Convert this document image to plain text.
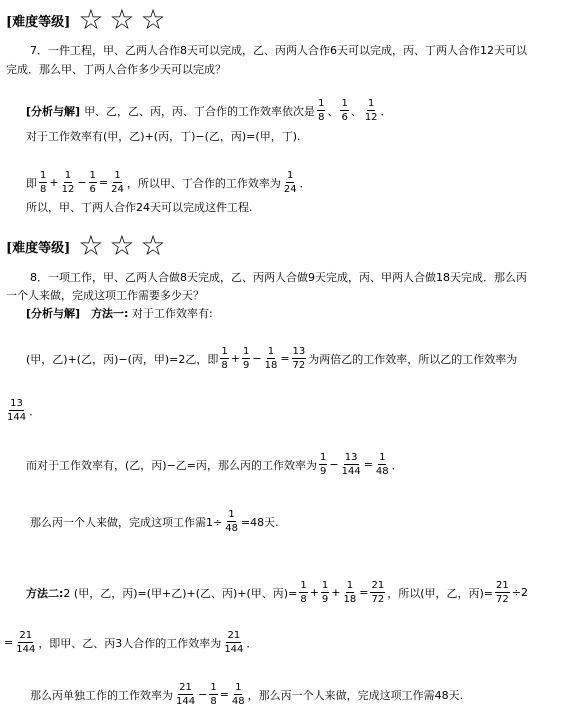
[难度等级] ☆ ☆ ☆
7．一件工程，甲、乙两人合作8天可以完成，乙、丙两人合作6天可以完成，丙、丁两人合作12天可以
完成．那么甲、丁两人合作多少天可以完成？
[分析与解] 甲、乙，乙、丙，丙、丁合作的工作效率依次是 $\frac{1}{8}$ 、 $\frac{1}{6}$ 、 $\frac{1}{12}$ ．
对于工作效率有(甲，乙)+(丙，丁)−(乙，丙)=(甲，丁).
即 $\frac{1}{8} + \frac{1}{12} - \frac{1}{6} = \frac{1}{24}$ ，所以甲、丁合作的工作效率为 $\frac{1}{24}$ ．
所以，甲、丁两人合作24天可以完成这件工程.
[难度等级] ☆ ☆ ☆
8．一项工作，甲、乙两人合做8天完成，乙、丙两人合做9天完成，丙、甲两人合做18天完成．那么丙
一个人来做，完成这项工作需要多少天？
[分析与解] 方法一: 对于工作效率有:
(甲，乙)+(乙，丙)−(丙，甲)=2乙，即 $\frac{1}{8} + \frac{1}{9} - \frac{1}{18} = \frac{13}{72}$ 为两倍乙的工作效率，所以乙的工作效率为
$\frac{13}{144}$ ．
而对于工作效率有，(乙，丙)−乙=丙，那么丙的工作效率为 $\frac{1}{9} - \frac{13}{144} = \frac{1}{48}$ ．
那么丙一个人来做，完成这项工作需$1\div \frac{1}{48} =48$天.
方法二: 2 (甲，乙，丙)=(甲+乙)+(乙、丙)+(甲、丙)= $\frac{1}{8} + \frac{1}{9} + \frac{1}{18} = \frac{21}{72}$ ，所以(甲，乙，丙)= $\frac{21}{72} \div 2$
= $\frac{21}{144}$ ，即甲、乙、丙3人合作的工作效率为 $\frac{21}{144}$ ．
那么丙单独工作的工作效率为 $\frac{21}{144} - \frac{1}{8} = \frac{1}{48}$ ，那么丙一个人来做，完成这项工作需48天.
